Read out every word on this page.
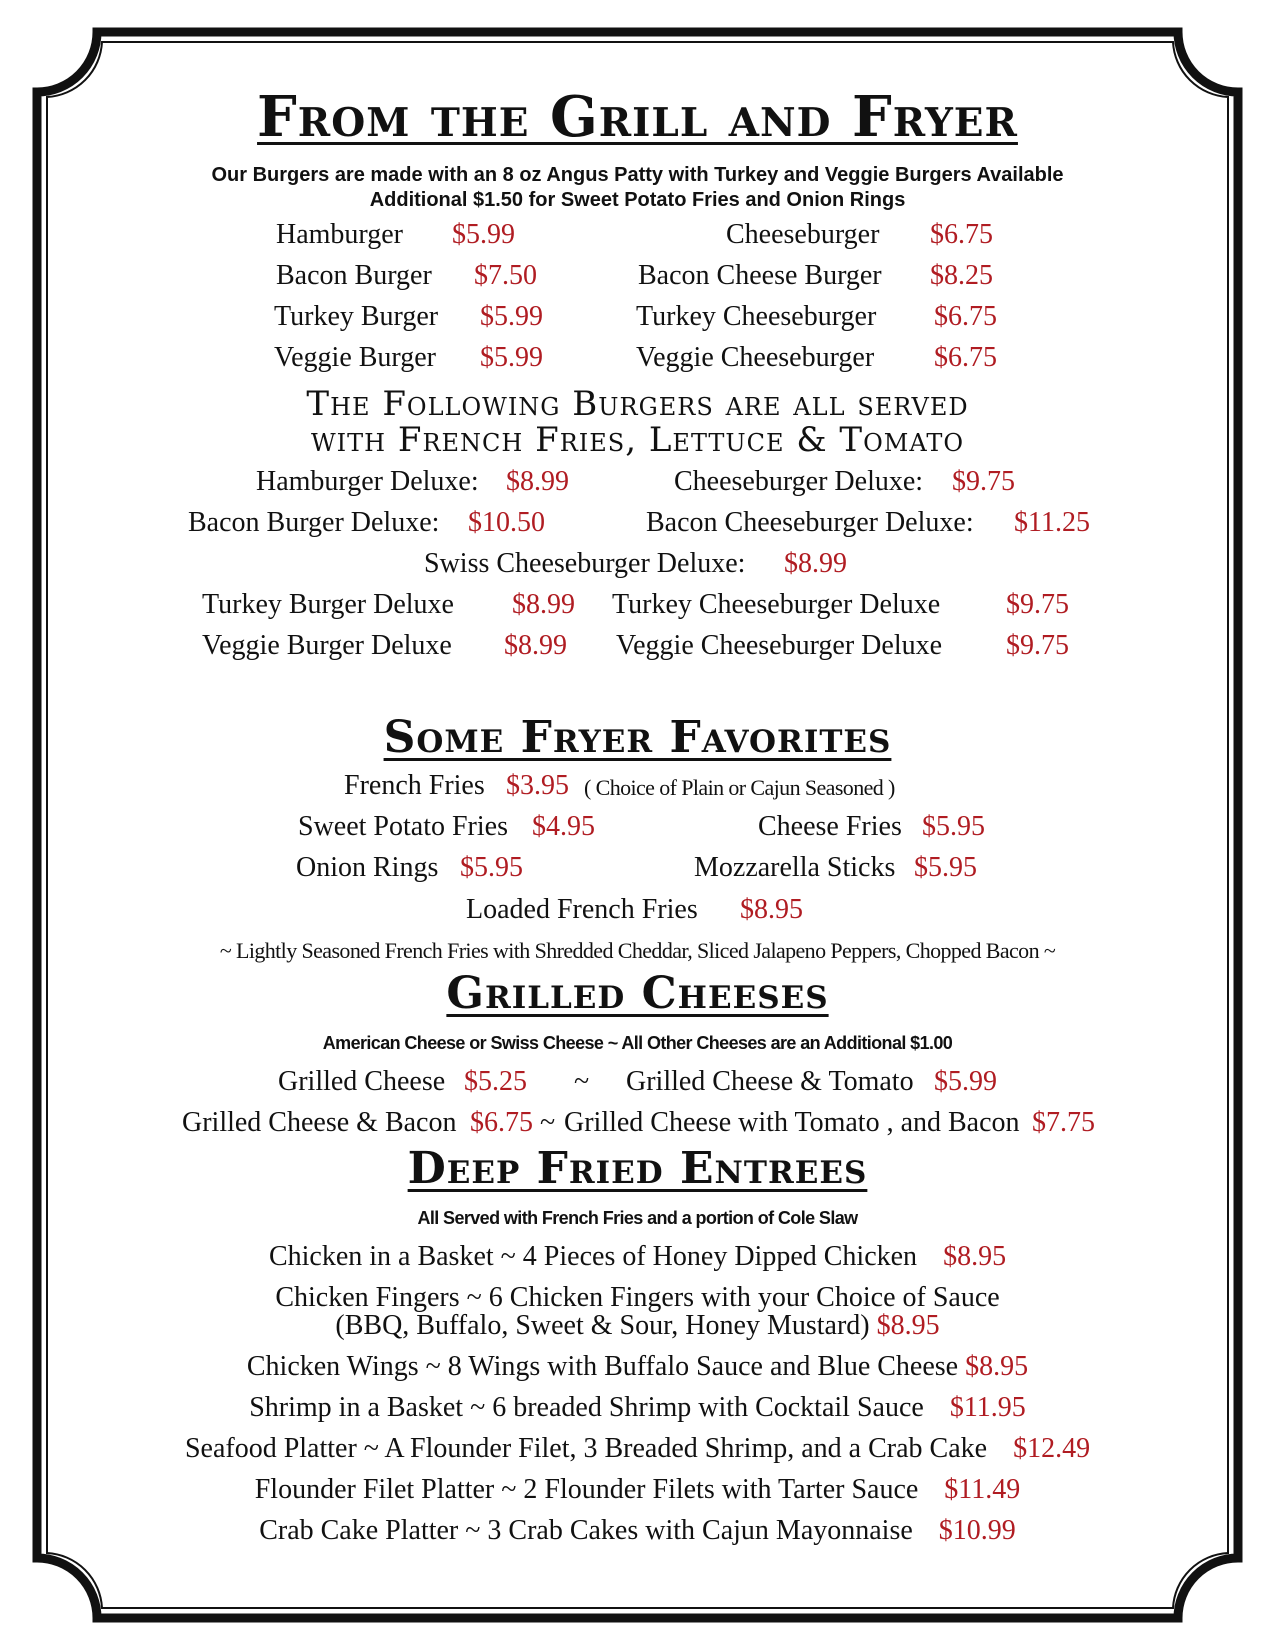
From the Grill and Fryer
Our Burgers are made with an 8 oz Angus Patty with Turkey and Veggie Burgers Available
Additional $1.50 for Sweet Potato Fries and Onion Rings
Hamburger $5.99	Cheeseburger $6.75
Bacon Burger $7.50	Bacon Cheese Burger $8.25
Turkey Burger $5.99	Turkey Cheeseburger $6.75
Veggie Burger $5.99	Veggie Cheeseburger $6.75
The Following Burgers are all served
with French Fries, Lettuce & Tomato
Hamburger Deluxe: $8.99	Cheeseburger Deluxe: $9.75
Bacon Burger Deluxe: $10.50	Bacon Cheeseburger Deluxe: $11.25
Swiss Cheeseburger Deluxe: $8.99
Turkey Burger Deluxe $8.99 Turkey Cheeseburger Deluxe $9.75
Veggie Burger Deluxe $8.99 Veggie Cheeseburger Deluxe $9.75
Some Fryer Favorites
French Fries $3.95 ( Choice of Plain or Cajun Seasoned )
Sweet Potato Fries $4.95	Cheese Fries $5.95
Onion Rings $5.95	Mozzarella Sticks $5.95
Loaded French Fries $8.95
~ Lightly Seasoned French Fries with Shredded Cheddar, Sliced Jalapeno Peppers, Chopped Bacon ~
Grilled Cheeses
American Cheese or Swiss Cheese ~ All Other Cheeses are an Additional $1.00
Grilled Cheese $5.25 ~ Grilled Cheese & Tomato $5.99
Grilled Cheese & Bacon $6.75 ~ Grilled Cheese with Tomato , and Bacon $7.75
Deep Fried Entrees
All Served with French Fries and a portion of Cole Slaw
Chicken in a Basket ~ 4 Pieces of Honey Dipped Chicken $8.95
Chicken Fingers ~ 6 Chicken Fingers with your Choice of Sauce
(BBQ, Buffalo, Sweet & Sour, Honey Mustard) $8.95
Chicken Wings ~ 8 Wings with Buffalo Sauce and Blue Cheese $8.95
Shrimp in a Basket ~ 6 breaded Shrimp with Cocktail Sauce $11.95
Seafood Platter ~ A Flounder Filet, 3 Breaded Shrimp, and a Crab Cake $12.49
Flounder Filet Platter ~ 2 Flounder Filets with Tarter Sauce $11.49
Crab Cake Platter ~ 3 Crab Cakes with Cajun Mayonnaise $10.99
